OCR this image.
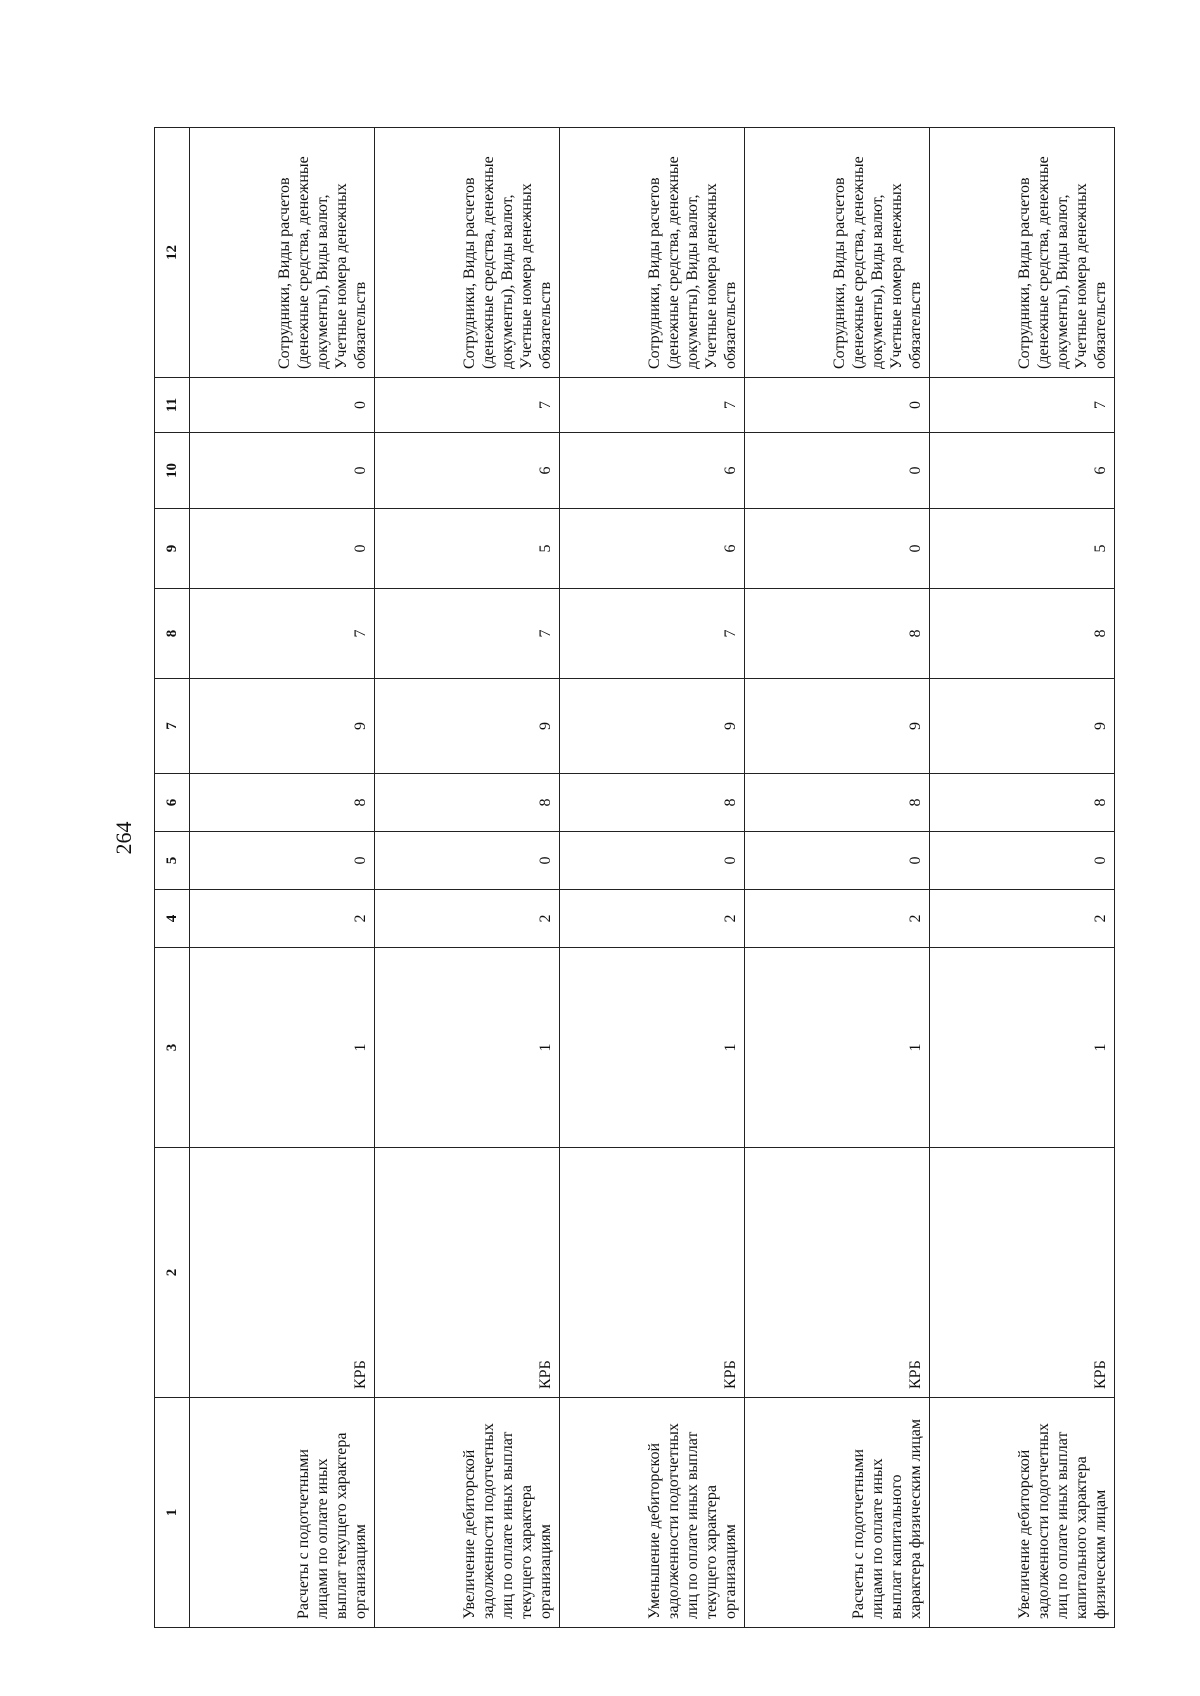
264
1	2	3	4	5	6	7	8	9	10	11	12
Расчеты с подотчетными лицами по оплате иных выплат текущего характера организациям	КРБ	1	2	0	8	9	7	0	0	0	Сотрудники, Виды расчетов (денежные средства, денежные документы), Виды валют, Учетные номера денежных обязательств
Увеличение дебиторской задолженности подотчетных лиц по оплате иных выплат текущего характера организациям	КРБ	1	2	0	8	9	7	5	6	7	Сотрудники, Виды расчетов (денежные средства, денежные документы), Виды валют, Учетные номера денежных обязательств
Уменьшение дебиторской задолженности подотчетных лиц по оплате иных выплат текущего характера организациям	КРБ	1	2	0	8	9	7	6	6	7	Сотрудники, Виды расчетов (денежные средства, денежные документы), Виды валют, Учетные номера денежных обязательств
Расчеты с подотчетными лицами по оплате иных выплат капитального характера физическим лицам	КРБ	1	2	0	8	9	8	0	0	0	Сотрудники, Виды расчетов (денежные средства, денежные документы), Виды валют, Учетные номера денежных обязательств
Увеличение дебиторской задолженности подотчетных лиц по оплате иных выплат капитального характера физическим лицам	КРБ	1	2	0	8	9	8	5	6	7	Сотрудники, Виды расчетов (денежные средства, денежные документы), Виды валют, Учетные номера денежных обязательств
